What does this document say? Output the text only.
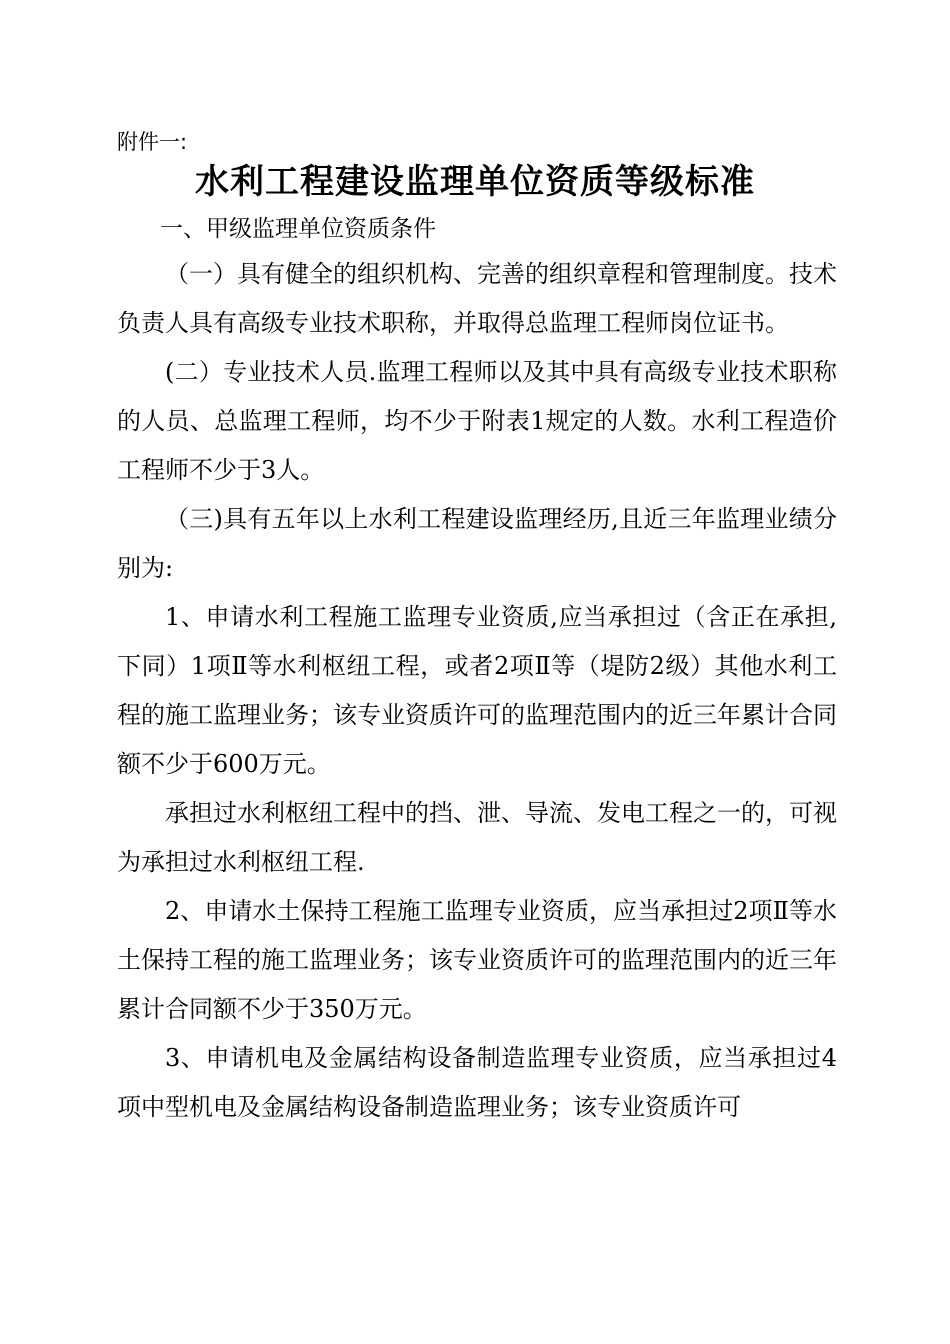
附件一:
水利工程建设监理单位资质等级标准
一、甲级监理单位资质条件
（一）具有健全的组织机构、完善的组织章程和管理制度。技术负责人具有高级专业技术职称，并取得总监理工程师岗位证书。
(二）专业技术人员.监理工程师以及其中具有高级专业技术职称的人员、总监理工程师，均不少于附表1规定的人数。水利工程造价工程师不少于3人。
（三)具有五年以上水利工程建设监理经历,且近三年监理业绩分别为:
1、申请水利工程施工监理专业资质,应当承担过（含正在承担,下同）1项Ⅱ等水利枢纽工程，或者2项Ⅱ等（堤防2级）其他水利工程的施工监理业务；该专业资质许可的监理范围内的近三年累计合同额不少于600万元。
承担过水利枢纽工程中的挡、泄、导流、发电工程之一的，可视为承担过水利枢纽工程.
2、申请水土保持工程施工监理专业资质，应当承担过2项Ⅱ等水土保持工程的施工监理业务；该专业资质许可的监理范围内的近三年累计合同额不少于350万元。
3、申请机电及金属结构设备制造监理专业资质，应当承担过4项中型机电及金属结构设备制造监理业务；该专业资质许可
